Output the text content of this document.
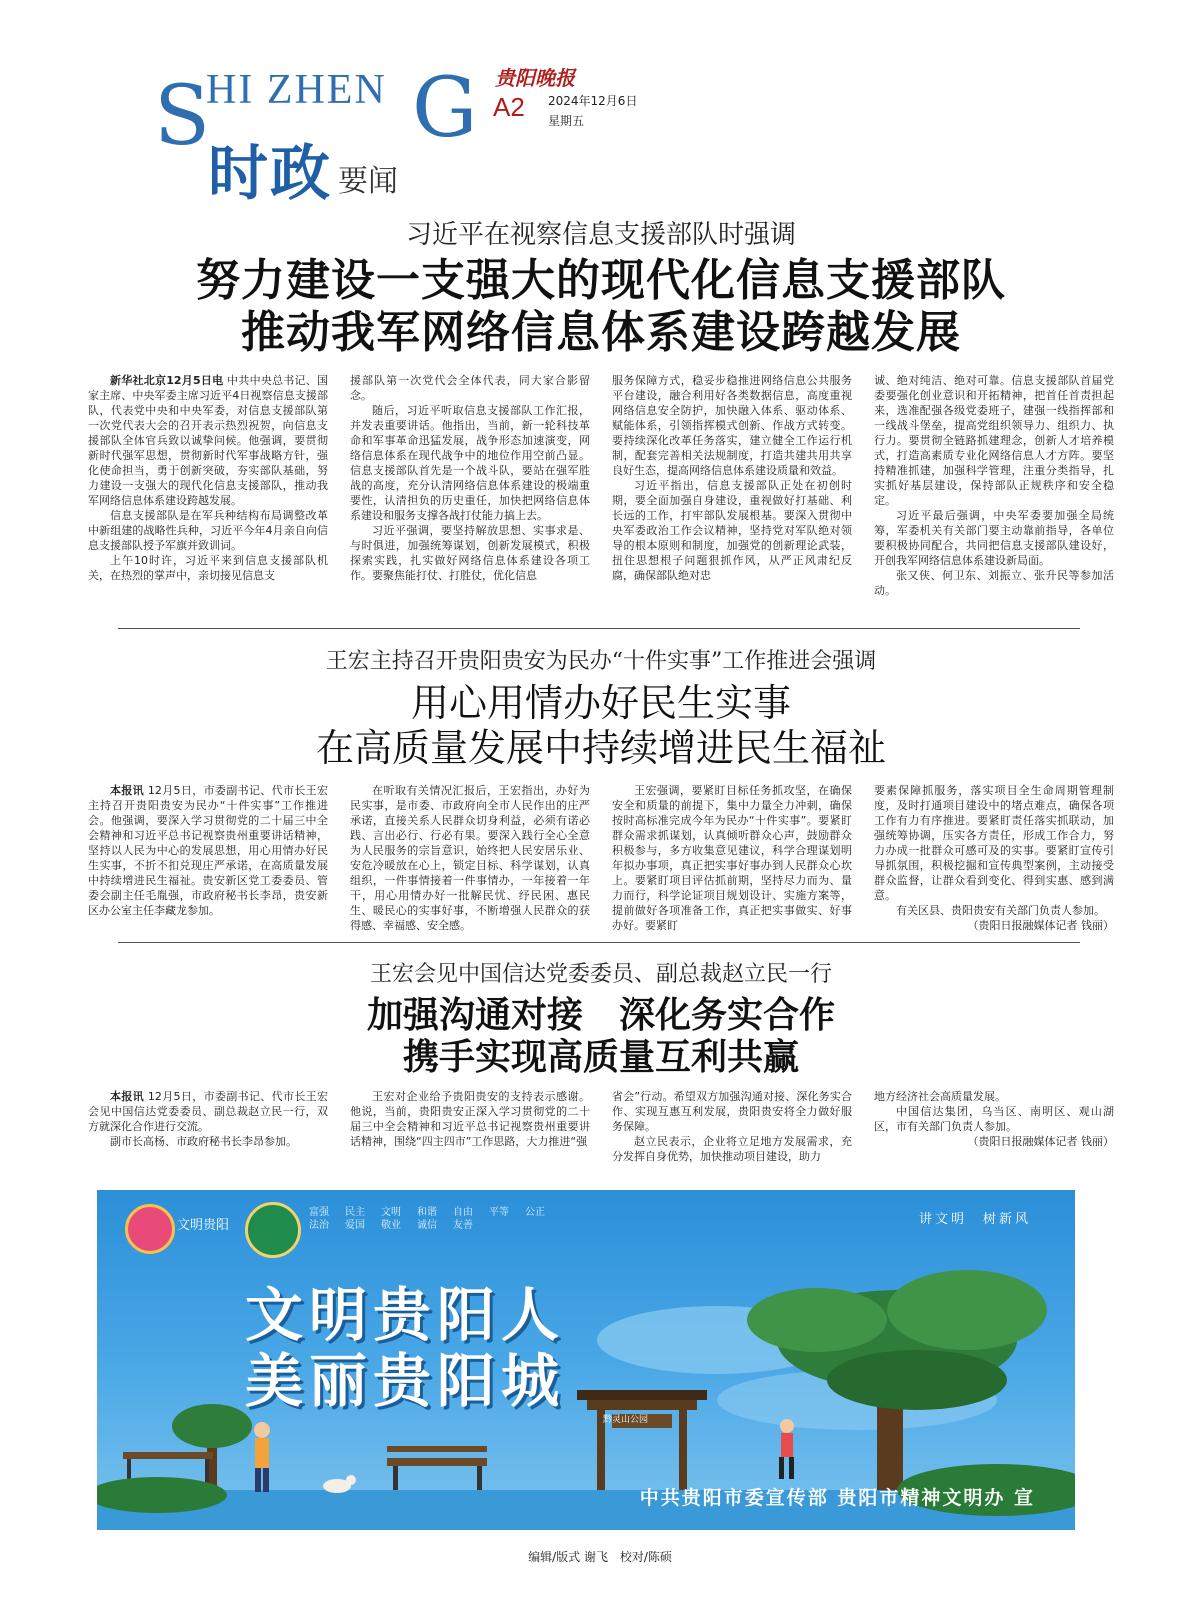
S
HI ZHEN G
时政 要闻
贵阳晚报
A2 2024年12月6日
星期五
习近平在视察信息支援部队时强调
努力建设一支强大的现代化信息支援部队
推动我军网络信息体系建设跨越发展

新华社北京12月5日电 中共中央总书记、国家主席、中央军委主席习近平4日视察信息支援部队，代表党中央和中央军委，对信息支援部队第一次党代表大会的召开表示热烈祝贺，向信息支援部队全体官兵致以诚挚问候。他强调，要贯彻新时代强军思想，贯彻新时代军事战略方针，强化使命担当，勇于创新突破，夯实部队基础，努力建设一支强大的现代化信息支援部队，推动我军网络信息体系建设跨越发展。

信息支援部队是在军兵种结构布局调整改革中新组建的战略性兵种，习近平今年4月亲自向信息支援部队授予军旗并致训词。

上午10时许，习近平来到信息支援部队机关，在热烈的掌声中，亲切接见信息支

援部队第一次党代会全体代表，同大家合影留念。

随后，习近平听取信息支援部队工作汇报，并发表重要讲话。他指出，当前，新一轮科技革命和军事革命迅猛发展，战争形态加速演变，网络信息体系在现代战争中的地位作用空前凸显。信息支援部队首先是一个战斗队，要站在强军胜战的高度，充分认清网络信息体系建设的极端重要性，认清担负的历史重任，加快把网络信息体系建设和服务支撑各战打仗能力搞上去。

习近平强调，要坚持解放思想、实事求是、与时俱进，加强统筹谋划，创新发展模式，积极探索实践，扎实做好网络信息体系建设各项工作。要聚焦能打仗、打胜仗，优化信息

服务保障方式，稳妥步稳推进网络信息公共服务平台建设，融合利用好各类数据信息，高度重视网络信息安全防护，加快融入体系、驱动体系、赋能体系，引领指挥模式创新、作战方式转变。要持续深化改革任务落实，建立健全工作运行机制，配套完善相关法规制度，打造共建共用共享良好生态，提高网络信息体系建设质量和效益。

习近平指出，信息支援部队正处在初创时期，要全面加强自身建设，重视做好打基础、利长远的工作，打牢部队发展根基。要深入贯彻中央军委政治工作会议精神，坚持党对军队绝对领导的根本原则和制度，加强党的创新理论武装，扭住思想根子问题狠抓作风，从严正风肃纪反腐，确保部队绝对忠

诚、绝对纯洁、绝对可靠。信息支援部队首届党委要强化创业意识和开拓精神，把首任首责担起来，选准配强各级党委班子，建强一线指挥部和一线战斗堡垒，提高党组织领导力、组织力、执行力。要贯彻全链路抓建理念，创新人才培养模式，打造高素质专业化网络信息人才方阵。要坚持精准抓建，加强科学管理，注重分类指导，扎实抓好基层建设，保持部队正规秩序和安全稳定。

习近平最后强调，中央军委要加强全局统筹，军委机关有关部门要主动靠前指导，各单位要积极协同配合，共同把信息支援部队建设好，开创我军网络信息体系建设新局面。

张又侠、何卫东、刘振立、张升民等参加活动。

王宏主持召开贵阳贵安为民办“十件实事”工作推进会强调
用心用情办好民生实事
在高质量发展中持续增进民生福祉

本报讯 12月5日，市委副书记、代市长王宏主持召开贵阳贵安为民办“十件实事”工作推进会。他强调，要深入学习贯彻党的二十届三中全会精神和习近平总书记视察贵州重要讲话精神，坚持以人民为中心的发展思想，用心用情办好民生实事，不折不扣兑现庄严承诺，在高质量发展中持续增进民生福祉。贵安新区党工委委员、管委会副主任毛胤强，市政府秘书长李昂，贵安新区办公室主任李藏龙参加。

在听取有关情况汇报后，王宏指出，办好为民实事，是市委、市政府向全市人民作出的庄严承诺，直接关系人民群众切身利益，必须有诺必践、言出必行、行必有果。要深入践行全心全意为人民服务的宗旨意识，始终把人民安居乐业、安危冷暖放在心上，锁定目标、科学谋划，认真组织，一件事情接着一件事情办，一年接着一年干，用心用情办好一批解民忧、纾民困、惠民生、暖民心的实事好事，不断增强人民群众的获得感、幸福感、安全感。

王宏强调，要紧盯目标任务抓攻坚，在确保安全和质量的前提下，集中力量全力冲刺，确保按时高标准完成今年为民办“十件实事”。要紧盯群众需求抓谋划，认真倾听群众心声，鼓励群众积极参与，多方收集意见建议，科学合理谋划明年拟办事项，真正把实事好事办到人民群众心坎上。要紧盯项目评估抓前期，坚持尽力而为、量力而行，科学论证项目规划设计、实施方案等，提前做好各项准备工作，真正把实事做实、好事办好。要紧盯

要素保障抓服务，落实项目全生命周期管理制度，及时打通项目建设中的堵点难点，确保各项工作有力有序推进。要紧盯责任落实抓联动，加强统筹协调，压实各方责任，形成工作合力，努力办成一批群众可感可及的实事。要紧盯宣传引导抓氛围，积极挖掘和宣传典型案例，主动接受群众监督，让群众看到变化、得到实惠、感到满意。

有关区县、贵阳贵安有关部门负责人参加。

（贵阳日报融媒体记者 钱丽）

王宏会见中国信达党委委员、副总裁赵立民一行
加强沟通对接　深化务实合作
携手实现高质量互利共赢

本报讯 12月5日，市委副书记、代市长王宏会见中国信达党委委员、副总裁赵立民一行，双方就深化合作进行交流。

副市长高杨、市政府秘书长李昂参加。

王宏对企业给予贵阳贵安的支持表示感谢。他说，当前，贵阳贵安正深入学习贯彻党的二十届三中全会精神和习近平总书记视察贵州重要讲话精神，围绕“四主四市”工作思路，大力推进“强

省会”行动。希望双方加强沟通对接、深化务实合作、实现互惠互利发展，贵阳贵安将全力做好服务保障。

赵立民表示，企业将立足地方发展需求，充分发挥自身优势，加快推动项目建设，助力

地方经济社会高质量发展。

中国信达集团，乌当区、南明区、观山湖区，市有关部门负责人参加。

（贵阳日报融媒体记者 钱丽）

文明贵阳
富强	民主	文明	和谐	自由	平等	公正
法治	爱国	敬业	诚信	友善	讲文明　树新风
文明贵阳人
美丽贵阳城
黔灵山公园
中共贵阳市委宣传部 贵阳市精神文明办 宣
编辑/版式 谢飞 校对/陈硕
